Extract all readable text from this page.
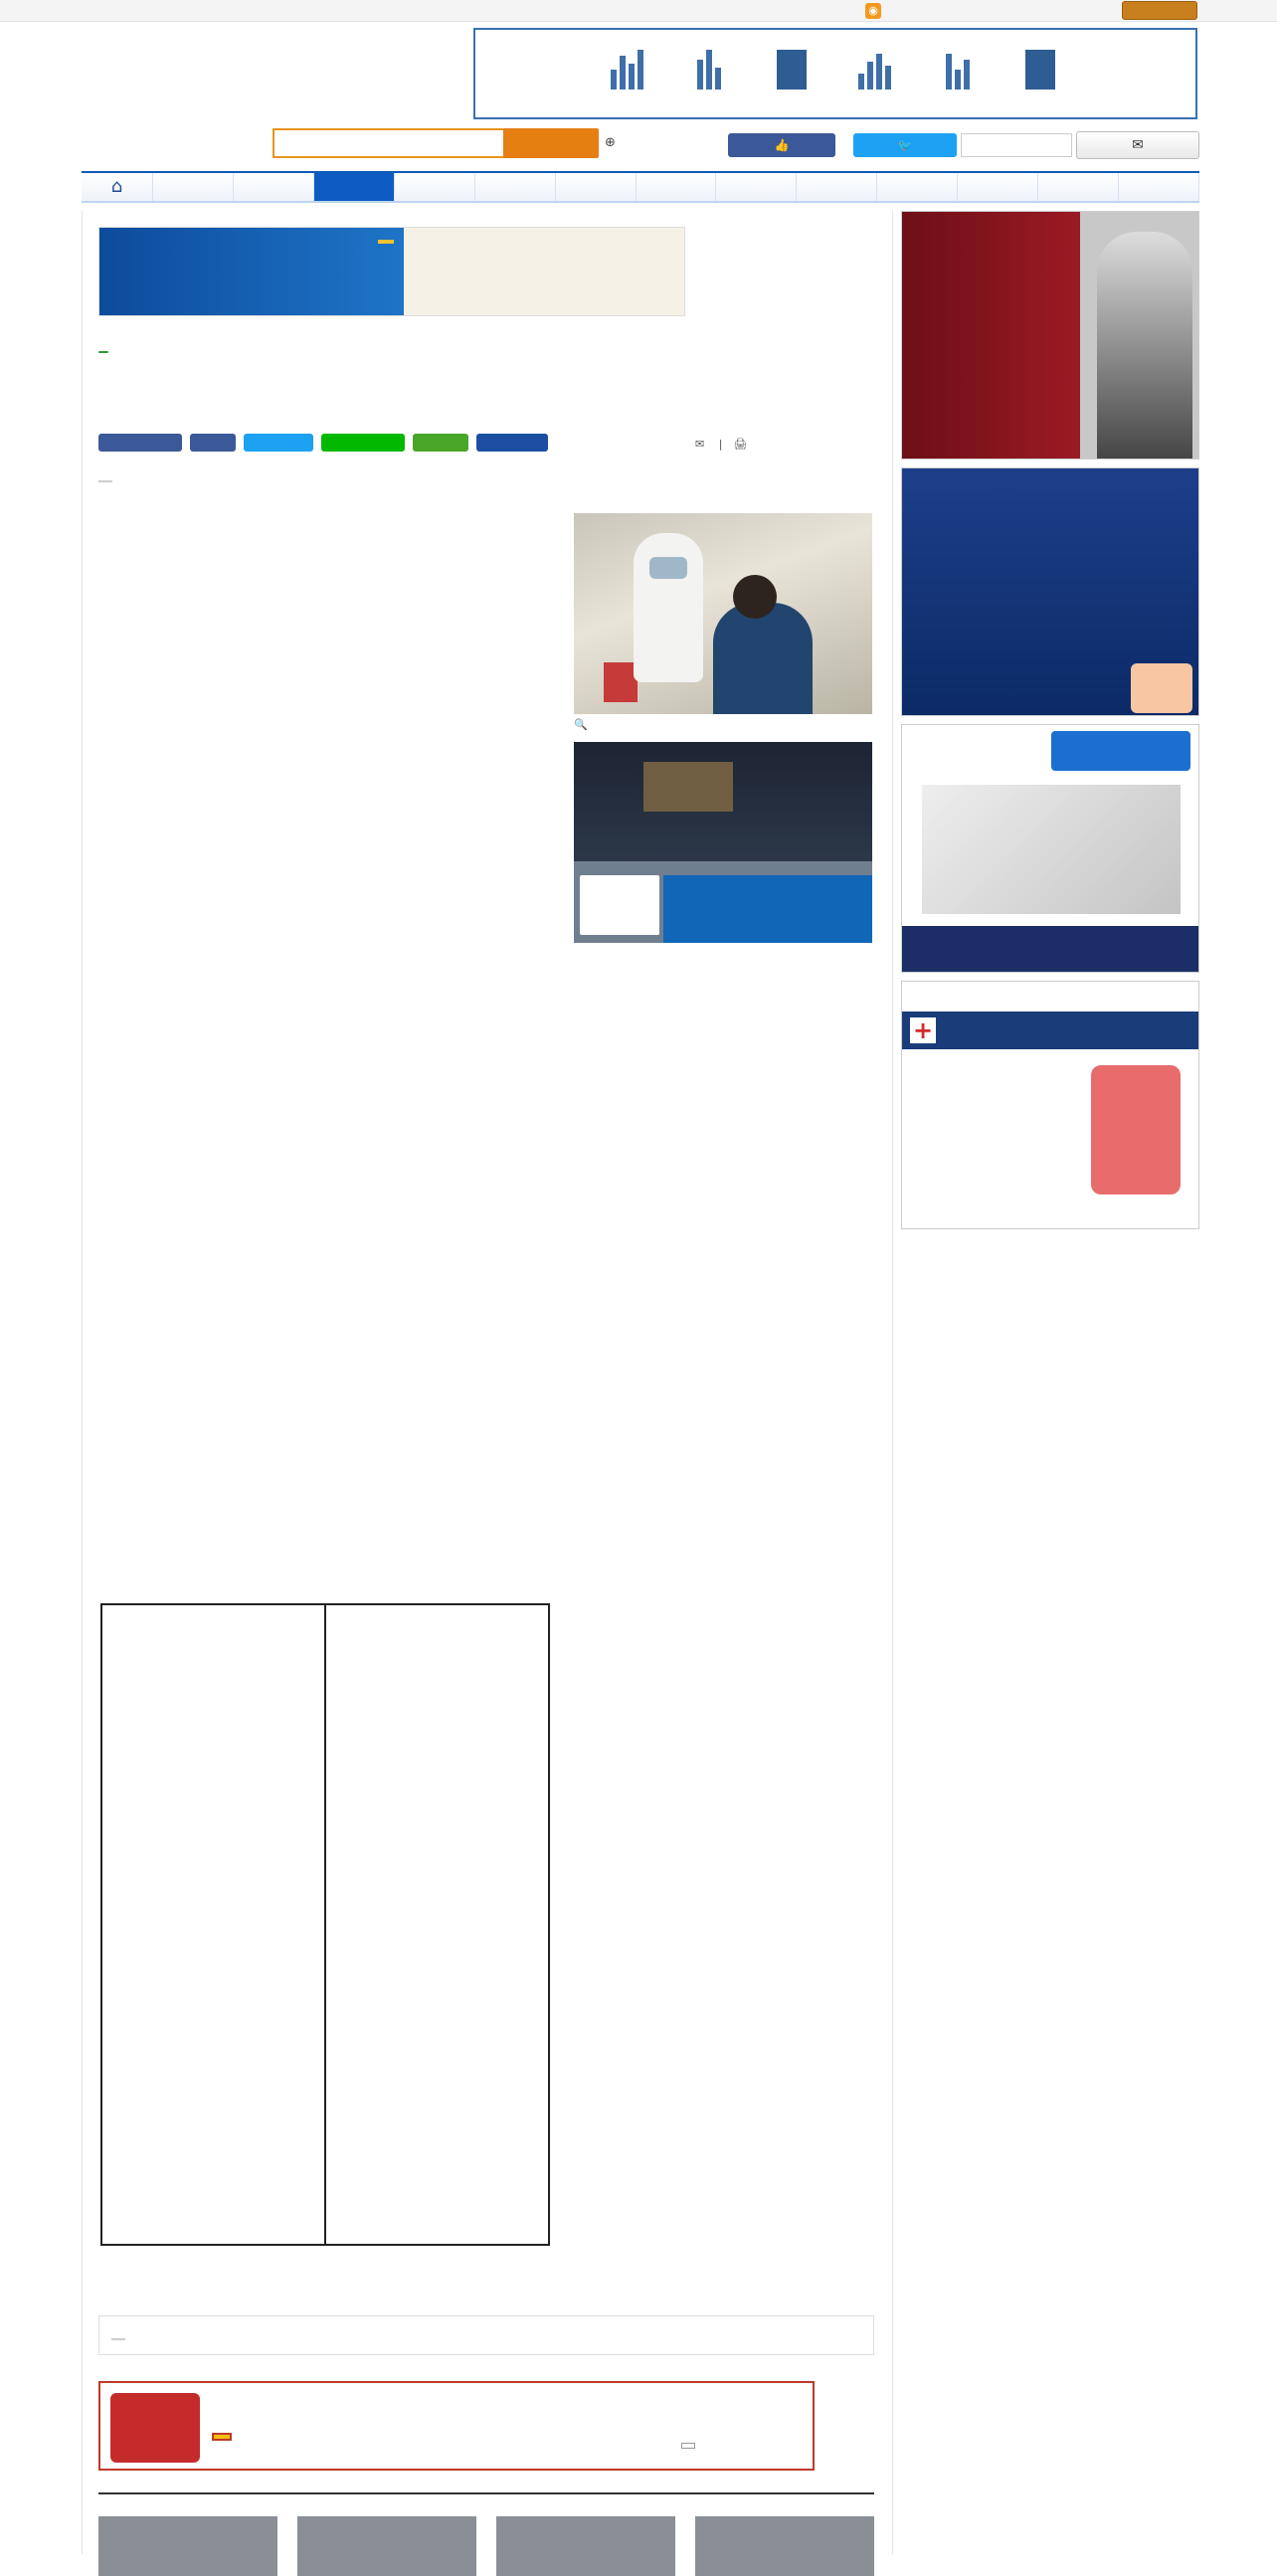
◉
⊕	👍	🐦	✉
⌂
✉ 　|　🖨
🔍

+
